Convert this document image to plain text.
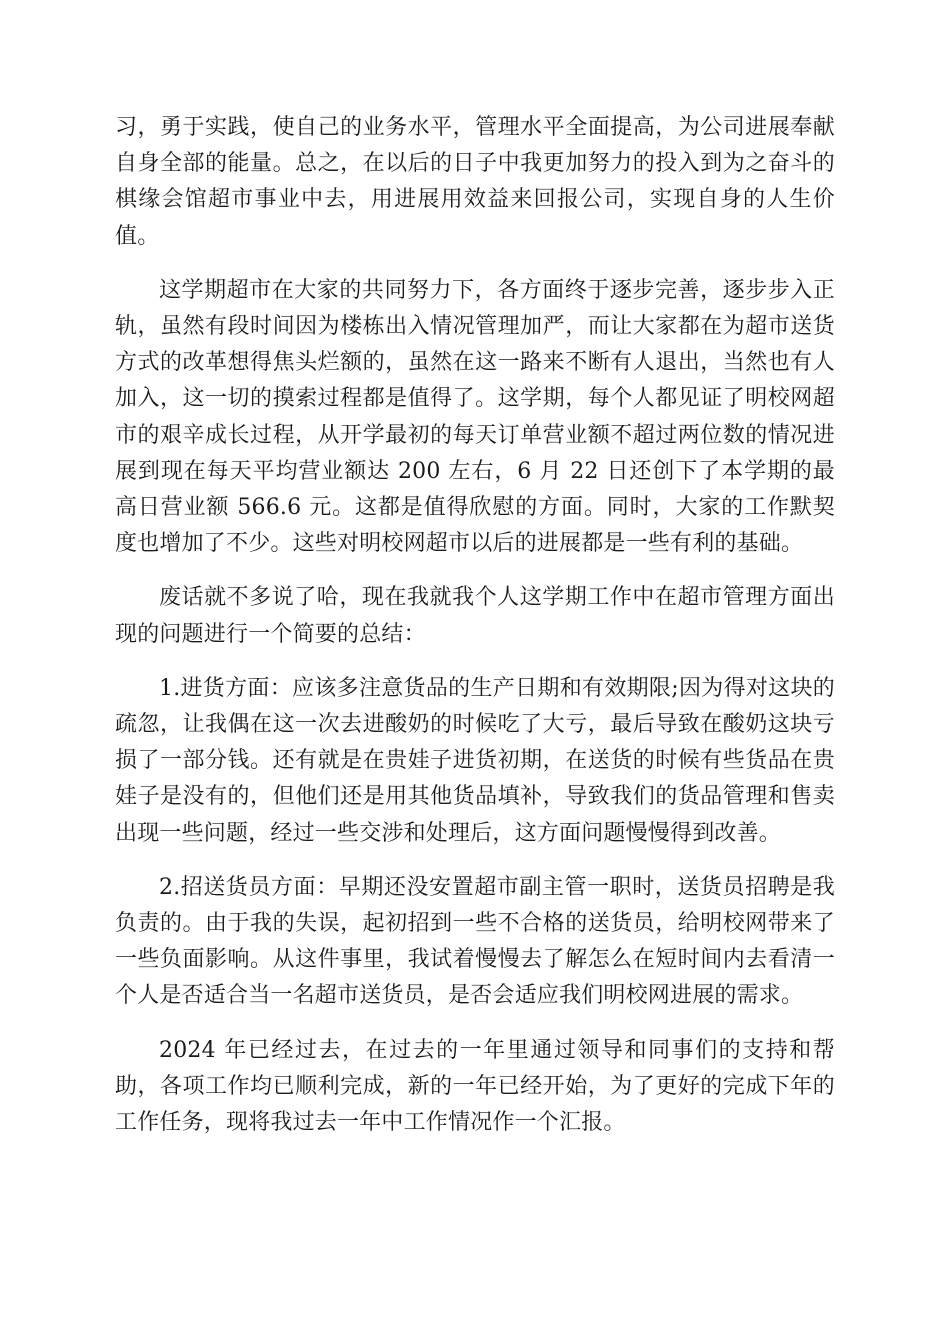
习，勇于实践，使自己的业务水平，管理水平全面提高，为公司进展奉献自身全部的能量。总之，在以后的日子中我更加努力的投入到为之奋斗的棋缘会馆超市事业中去，用进展用效益来回报公司，实现自身的人生价值。

这学期超市在大家的共同努力下，各方面终于逐步完善，逐步步入正轨，虽然有段时间因为楼栋出入情况管理加严，而让大家都在为超市送货方式的改革想得焦头烂额的，虽然在这一路来不断有人退出，当然也有人加入，这一切的摸索过程都是值得了。这学期，每个人都见证了明校网超市的艰辛成长过程，从开学最初的每天订单营业额不超过两位数的情况进展到现在每天平均营业额达 200 左右，6 月 22 日还创下了本学期的最高日营业额 566.6 元。这都是值得欣慰的方面。同时，大家的工作默契度也增加了不少。这些对明校网超市以后的进展都是一些有利的基础。

废话就不多说了哈，现在我就我个人这学期工作中在超市管理方面出现的问题进行一个简要的总结：

1.进货方面：应该多注意货品的生产日期和有效期限;因为得对这块的疏忽，让我偶在这一次去进酸奶的时候吃了大亏，最后导致在酸奶这块亏损了一部分钱。还有就是在贵娃子进货初期，在送货的时候有些货品在贵娃子是没有的，但他们还是用其他货品填补，导致我们的货品管理和售卖出现一些问题，经过一些交涉和处理后，这方面问题慢慢得到改善。

2.招送货员方面：早期还没安置超市副主管一职时，送货员招聘是我负责的。由于我的失误，起初招到一些不合格的送货员，给明校网带来了一些负面影响。从这件事里，我试着慢慢去了解怎么在短时间内去看清一个人是否适合当一名超市送货员，是否会适应我们明校网进展的需求。

2024 年已经过去，在过去的一年里通过领导和同事们的支持和帮助，各项工作均已顺利完成，新的一年已经开始，为了更好的完成下年的工作任务，现将我过去一年中工作情况作一个汇报。
